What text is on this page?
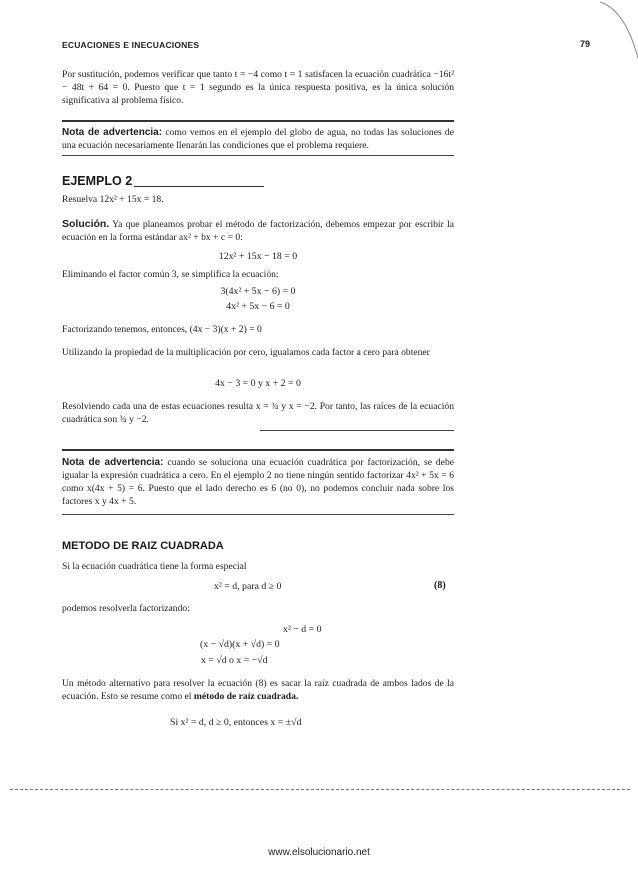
ECUACIONES E INECUACIONES	79
Por sustitución, podemos verificar que tanto t = −4 como t = 1 satisfacen la ecuación cuadrática −16t² − 48t + 64 = 0. Puesto que t = 1 segundo es la única respuesta positiva, es la única solución significativa al problema físico.
Nota de advertencia: como vemos en el ejemplo del globo de agua, no todas las soluciones de una ecuación necesariamente llenarán las condiciones que el problema requiere.
EJEMPLO 2
Resuelva 12x² + 15x = 18.
Solución. Ya que planeamos probar el método de factorización, debemos empezar por escribir la ecuación en la forma estándar ax² + bx + c = 0:
12x² + 15x − 18 = 0
Eliminando el factor común 3, se simplifica la ecuación:
3(4x² + 5x − 6) = 0
4x² + 5x − 6 = 0
Factorizando tenemos, entonces, (4x − 3)(x + 2) = 0
Utilizando la propiedad de la multiplicación por cero, igualamos cada factor a cero para obtener
4x − 3 = 0 y x + 2 = 0
Resolviendo cada una de estas ecuaciones resulta x = ¾ y x = −2. Por tanto, las raíces de la ecuación cuadrática son ¾ y −2.
Nota de advertencia: cuando se soluciona una ecuación cuadrática por factorización, se debe igualar la expresión cuadrática a cero. En el ejemplo 2 no tiene ningún sentido factorizar 4x² + 5x = 6 como x(4x + 5) = 6. Puesto que el lado derecho es 6 (no 0), no podemos concluir nada sobre los factores x y 4x + 5.
METODO DE RAIZ CUADRADA
Si la ecuación cuadrática tiene la forma especial
x² = d, para d ≥ 0	(8)
podemos resolverla factorizando:
x² − d = 0
(x − √d)(x + √d) = 0
x = √d o x = −√d
Un método alternativo para resolver la ecuación (8) es sacar la raíz cuadrada de ambos lados de la ecuación. Esto se resume como el método de raíz cuadrada.
Si x² = d, d ≥ 0, entonces x = ±√d
www.elsolucionario.net
